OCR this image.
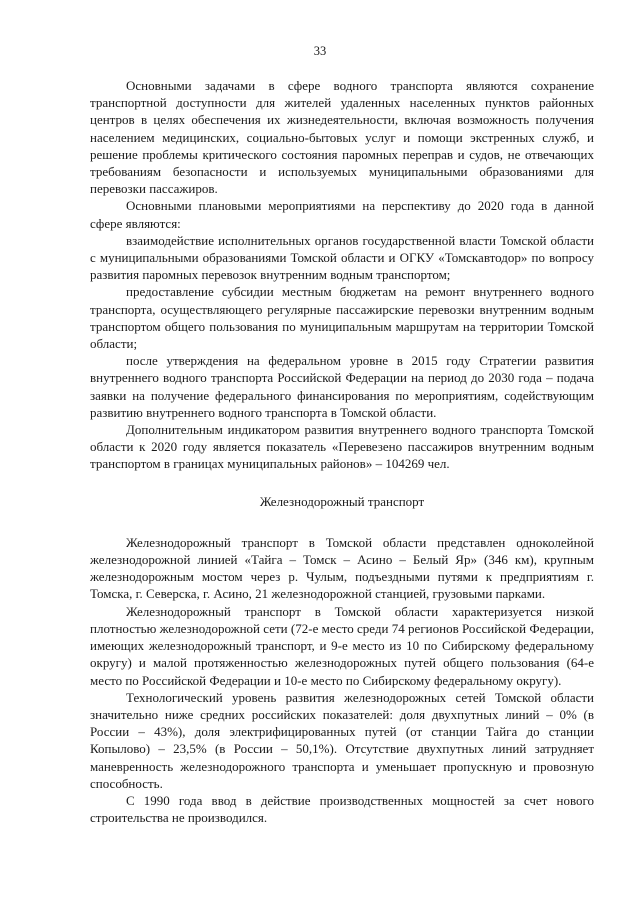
33

Основными задачами в сфере водного транспорта являются сохранение транспортной доступности для жителей удаленных населенных пунктов районных центров в целях обеспечения их жизнедеятельности, включая возможность получения населением медицинских, социально-бытовых услуг и помощи экстренных служб, и решение проблемы критического состояния паромных переправ и судов, не отвечающих требованиям безопасности и используемых муниципальными образованиями для перевозки пассажиров.

Основными плановыми мероприятиями на перспективу до 2020 года в данной сфере являются:

взаимодействие исполнительных органов государственной власти Томской области с муниципальными образованиями Томской области и ОГКУ «Томскавтодор» по вопросу развития паромных перевозок внутренним водным транспортом;

предоставление субсидии местным бюджетам на ремонт внутреннего водного транспорта, осуществляющего регулярные пассажирские перевозки внутренним водным транспортом общего пользования по муниципальным маршрутам на территории Томской области;

после утверждения на федеральном уровне в 2015 году Стратегии развития внутреннего водного транспорта Российской Федерации на период до 2030 года – подача заявки на получение федерального финансирования по мероприятиям, содействующим развитию внутреннего водного транспорта в Томской области.

Дополнительным индикатором развития внутреннего водного транспорта Томской области к 2020 году является показатель «Перевезено пассажиров внутренним водным транспортом в границах муниципальных районов» – 104269 чел.

Железнодорожный транспорт

Железнодорожный транспорт в Томской области представлен одноколейной железнодорожной линией «Тайга – Томск – Асино – Белый Яр» (346 км), крупным железнодорожным мостом через р. Чулым, подъездными путями к предприятиям г. Томска, г. Северска, г. Асино, 21 железнодорожной станцией, грузовыми парками.

Железнодорожный транспорт в Томской области характеризуется низкой плотностью железнодорожной сети (72-е место среди 74 регионов Российской Федерации, имеющих железнодорожный транспорт, и 9-е место из 10 по Сибирскому федеральному округу) и малой протяженностью железнодорожных путей общего пользования (64-е место по Российской Федерации и 10-е место по Сибирскому федеральному округу).

Технологический уровень развития железнодорожных сетей Томской области значительно ниже средних российских показателей: доля двухпутных линий – 0% (в России – 43%), доля электрифицированных путей (от станции Тайга до станции Копылово) – 23,5% (в России – 50,1%). Отсутствие двухпутных линий затрудняет маневренность железнодорожного транспорта и уменьшает пропускную и провозную способность.

С 1990 года ввод в действие производственных мощностей за счет нового строительства не производился.
